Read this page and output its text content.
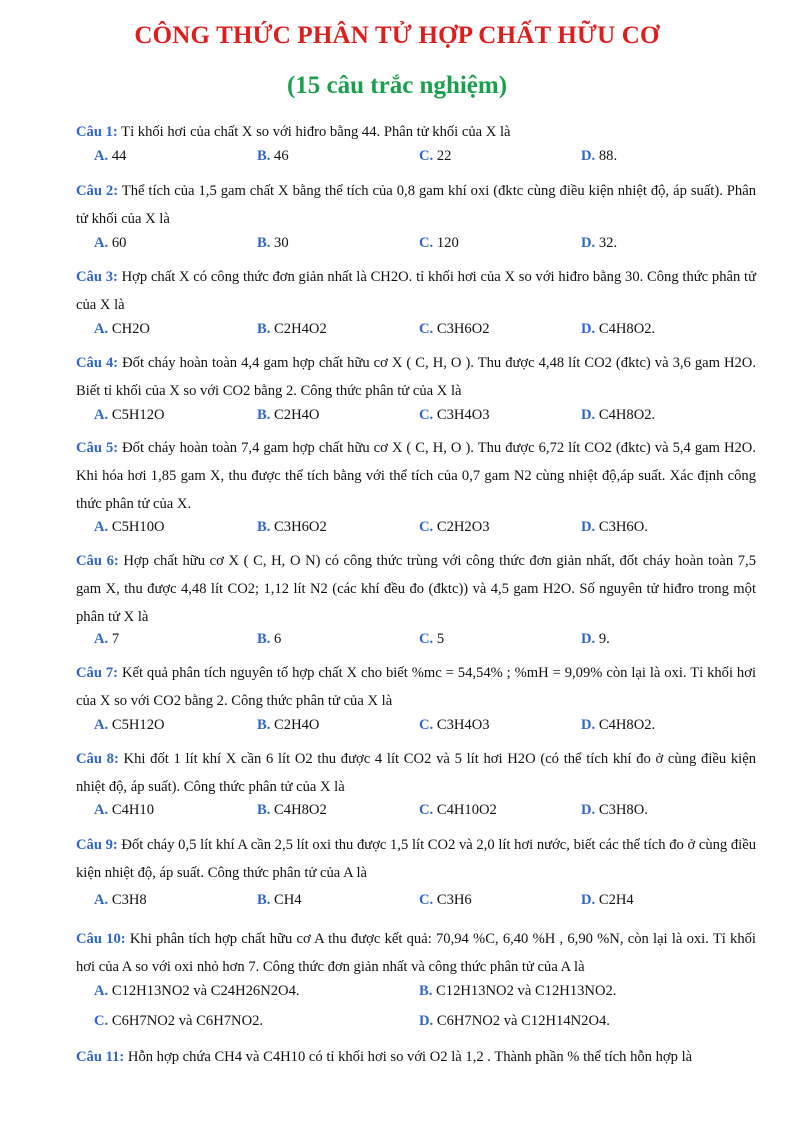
CÔNG THỨC PHÂN TỬ HỢP CHẤT HỮU CƠ
(15 câu trắc nghiệm)

Câu 1: Tỉ khối hơi của chất X so với hiđro bằng 44. Phân tử khối của X là

A. 44	B. 46	C. 22	D. 88.

Câu 2: Thể tích của 1,5 gam chất X bằng thể tích của 0,8 gam khí oxi (đktc cùng điều kiện nhiệt độ, áp suất). Phân tử khối của X là

A. 60	B. 30	C. 120	D. 32.

Câu 3: Hợp chất X có công thức đơn giản nhất là CH2O. tỉ khối hơi của X so với hiđro bằng 30. Công thức phân tử của X là

A. CH2O	B. C2H4O2	C. C3H6O2	D. C4H8O2.

Câu 4: Đốt cháy hoàn toàn 4,4 gam hợp chất hữu cơ X ( C, H, O ). Thu được 4,48 lít CO2 (đktc) và 3,6 gam H2O. Biết tỉ khối của X so với CO2 bằng 2. Công thức phân tử của X là

A. C5H12O	B. C2H4O	C. C3H4O3	D. C4H8O2.

Câu 5: Đốt cháy hoàn toàn 7,4 gam hợp chất hữu cơ X ( C, H, O ). Thu được 6,72 lít CO2 (đktc) và 5,4 gam H2O. Khi hóa hơi 1,85 gam X, thu được thể tích bằng với thể tích của 0,7 gam N2 cùng nhiệt độ,áp suất. Xác định công thức phân tử của X.

A. C5H10O	B. C3H6O2	C. C2H2O3	D. C3H6O.

Câu 6: Hợp chất hữu cơ X ( C, H, O N) có công thức trùng với công thức đơn giản nhất, đốt cháy hoàn toàn 7,5 gam X, thu được 4,48 lít CO2; 1,12 lít N2 (các khí đều đo (đktc)) và 4,5 gam H2O. Số nguyên tử hiđro trong một phân tử X là

A. 7	B. 6	C. 5	D. 9.

Câu 7: Kết quả phân tích nguyên tố hợp chất X cho biết %mc = 54,54% ; %mH = 9,09% còn lại là oxi. Tỉ khối hơi của X so với CO2 bằng 2. Công thức phân tử của X là

A. C5H12O	B. C2H4O	C. C3H4O3	D. C4H8O2.

Câu 8: Khi đốt 1 lít khí X cần 6 lít O2 thu được 4 lít CO2 và 5 lít hơi H2O (có thể tích khí đo ở cùng điều kiện nhiệt độ, áp suất). Công thức phân tử của X là

A. C4H10	B. C4H8O2	C. C4H10O2	D. C3H8O.

Câu 9: Đốt cháy 0,5 lít khí A cần 2,5 lít oxi thu được 1,5 lít CO2 và 2,0 lít hơi nước, biết các thể tích đo ở cùng điều kiện nhiệt độ, áp suất. Công thức phân tử của A là

A. C3H8	B. CH4	C. C3H6	D. C2H4

Câu 10: Khi phân tích hợp chất hữu cơ A thu được kết quả: 70,94 %C, 6,40 %H , 6,90 %N, còn lại là oxi. Tỉ khối hơi của A so với oxi nhỏ hơn 7. Công thức đơn giản nhất và công thức phân tử của A là

A. C12H13NO2 và C24H26N2O4.	B. C12H13NO2 và C12H13NO2.
C. C6H7NO2 và C6H7NO2.	D. C6H7NO2 và C12H14N2O4.

Câu 11: Hỗn hợp chứa CH4 và C4H10 có tỉ khối hơi so với O2 là 1,2 . Thành phần % thể tích hỗn hợp là
